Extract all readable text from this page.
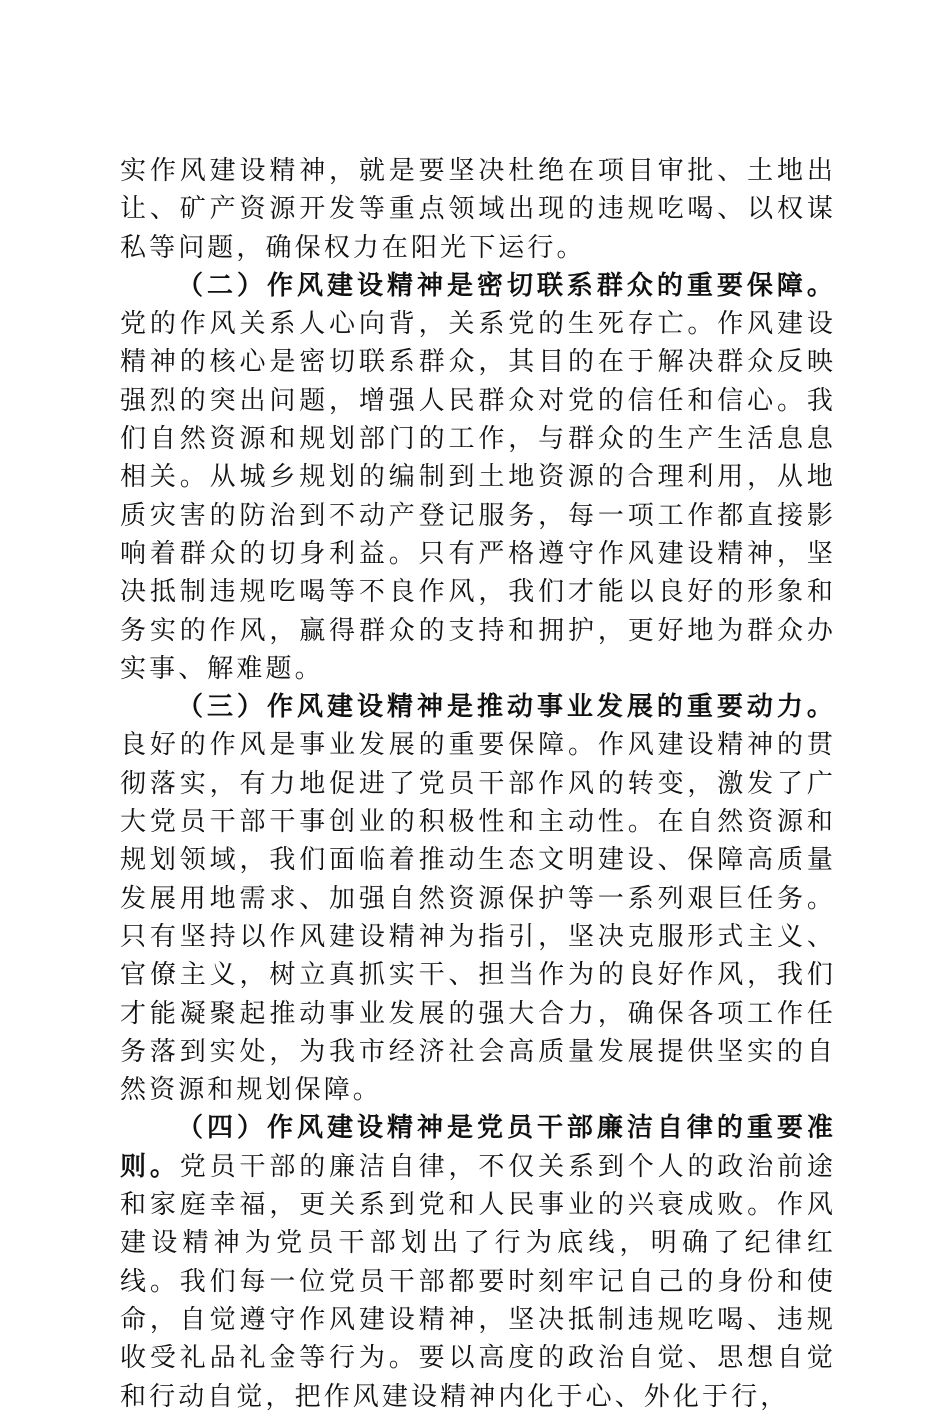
实作风建设精神，就是要坚决杜绝在项目审批、土地出让、矿产资源开发等重点领域出现的违规吃喝、以权谋私等问题，确保权力在阳光下运行。

（二）作风建设精神是密切联系群众的重要保障。党的作风关系人心向背，关系党的生死存亡。作风建设精神的核心是密切联系群众，其目的在于解决群众反映强烈的突出问题，增强人民群众对党的信任和信心。我们自然资源和规划部门的工作，与群众的生产生活息息相关。从城乡规划的编制到土地资源的合理利用，从地质灾害的防治到不动产登记服务，每一项工作都直接影响着群众的切身利益。只有严格遵守作风建设精神，坚决抵制违规吃喝等不良作风，我们才能以良好的形象和务实的作风，赢得群众的支持和拥护，更好地为群众办实事、解难题。

（三）作风建设精神是推动事业发展的重要动力。良好的作风是事业发展的重要保障。作风建设精神的贯彻落实，有力地促进了党员干部作风的转变，激发了广大党员干部干事创业的积极性和主动性。在自然资源和规划领域，我们面临着推动生态文明建设、保障高质量发展用地需求、加强自然资源保护等一系列艰巨任务。只有坚持以作风建设精神为指引，坚决克服形式主义、官僚主义，树立真抓实干、担当作为的良好作风，我们才能凝聚起推动事业发展的强大合力，确保各项工作任务落到实处，为我市经济社会高质量发展提供坚实的自然资源和规划保障。

（四）作风建设精神是党员干部廉洁自律的重要准则。党员干部的廉洁自律，不仅关系到个人的政治前途和家庭幸福，更关系到党和人民事业的兴衰成败。作风建设精神为党员干部划出了行为底线，明确了纪律红线。我们每一位党员干部都要时刻牢记自己的身份和使命，自觉遵守作风建设精神，坚决抵制违规吃喝、违规收受礼品礼金等行为。要以高度的政治自觉、思想自觉和行动自觉，把作风建设精神内化于心、外化于行，
